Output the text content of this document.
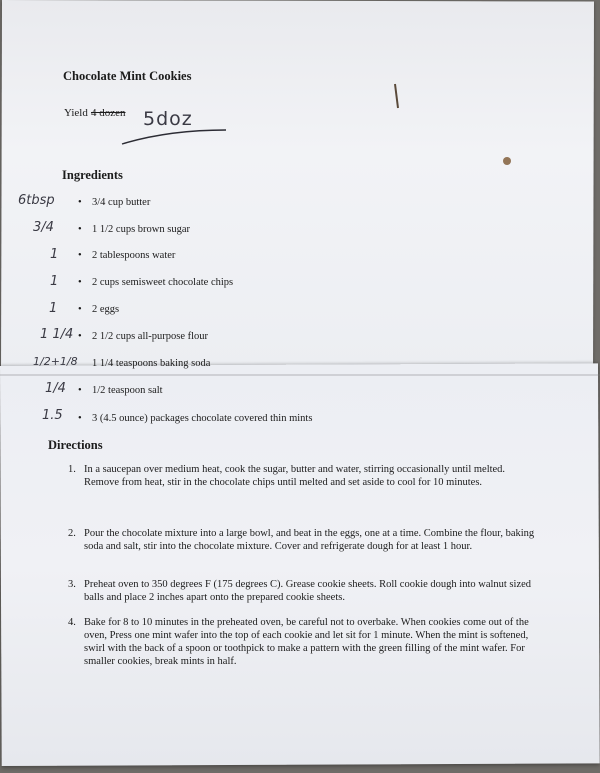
Chocolate Mint Cookies
Yield 4 dozen 5doz
Ingredients
• 3/4 cup butter
• 1 1/2 cups brown sugar
• 2 tablespoons water
• 2 cups semisweet chocolate chips
• 2 eggs
• 2 1/2 cups all-purpose flour
1 1/4 teaspoons baking soda
• 1/2 teaspoon salt
• 3 (4.5 ounce) packages chocolate covered thin mints
6tbsp
3/4
1
1
1
1 1/4
1/2+1/8
1/4
1.5
Directions
1. In a saucepan over medium heat, cook the sugar, butter and water, stirring occasionally until melted. Remove from heat, stir in the chocolate chips until melted and set aside to cool for 10 minutes.
2. Pour the chocolate mixture into a large bowl, and beat in the eggs, one at a time. Combine the flour, baking soda and salt, stir into the chocolate mixture. Cover and refrigerate dough for at least 1 hour.
3. Preheat oven to 350 degrees F (175 degrees C). Grease cookie sheets. Roll cookie dough into walnut sized balls and place 2 inches apart onto the prepared cookie sheets.
4. Bake for 8 to 10 minutes in the preheated oven, be careful not to overbake. When cookies come out of the oven, Press one mint wafer into the top of each cookie and let sit for 1 minute. When the mint is softened, swirl with the back of a spoon or toothpick to make a pattern with the green filling of the mint wafer. For smaller cookies, break mints in half.
